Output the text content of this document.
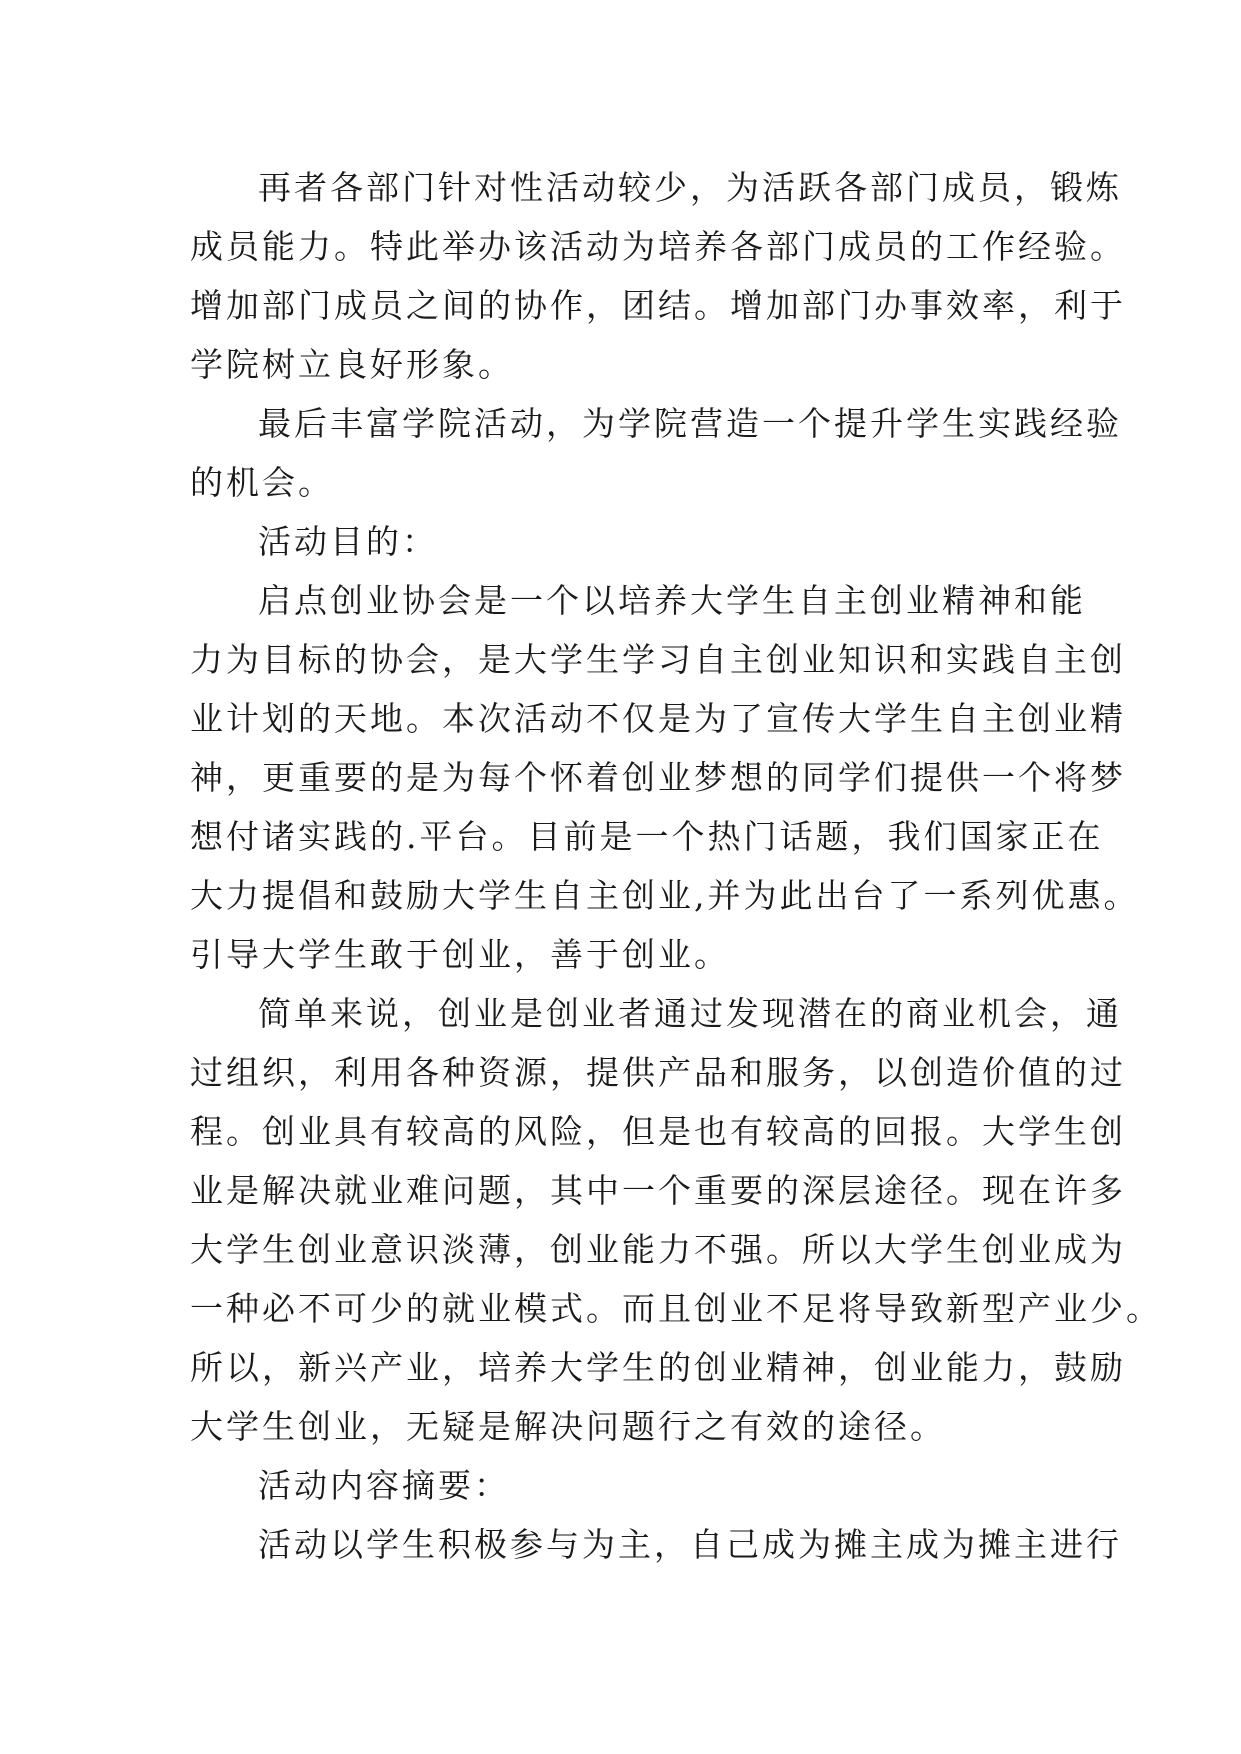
再者各部门针对性活动较少，为活跃各部门成员，锻炼
成员能力。特此举办该活动为培养各部门成员的工作经验。
增加部门成员之间的协作，团结。增加部门办事效率，利于
学院树立良好形象。
最后丰富学院活动，为学院营造一个提升学生实践经验
的机会。
活动目的：
启点创业协会是一个以培养大学生自主创业精神和能
力为目标的协会，是大学生学习自主创业知识和实践自主创
业计划的天地。本次活动不仅是为了宣传大学生自主创业精
神，更重要的是为每个怀着创业梦想的同学们提供一个将梦
想付诸实践的.平台。目前是一个热门话题，我们国家正在
大力提倡和鼓励大学生自主创业,并为此出台了一系列优惠。
引导大学生敢于创业，善于创业。
简单来说，创业是创业者通过发现潜在的商业机会，通
过组织，利用各种资源，提供产品和服务，以创造价值的过
程。创业具有较高的风险，但是也有较高的回报。大学生创
业是解决就业难问题，其中一个重要的深层途径。现在许多
大学生创业意识淡薄，创业能力不强。所以大学生创业成为
一种必不可少的就业模式。而且创业不足将导致新型产业少。
所以，新兴产业，培养大学生的创业精神，创业能力，鼓励
大学生创业，无疑是解决问题行之有效的途径。
活动内容摘要：
活动以学生积极参与为主，自己成为摊主成为摊主进行
